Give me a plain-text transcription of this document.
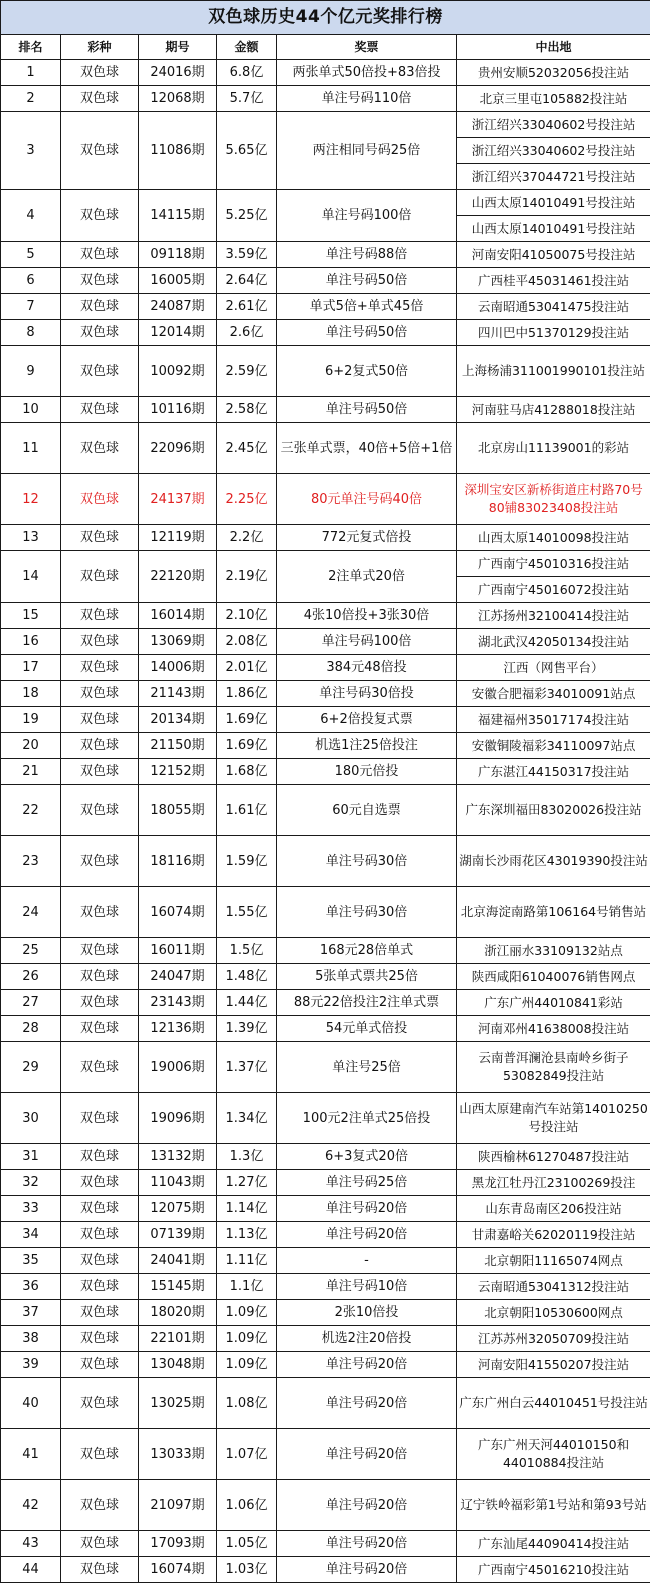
双色球历史44个亿元奖排行榜					
排名	彩种	期号	金额	奖票	中出地
1	双色球	24016期	6.8亿	两张单式50倍投+83倍投	贵州安顺52032056投注站
2	双色球	12068期	5.7亿	单注号码110倍	北京三里屯105882投注站
3	双色球	11086期	5.65亿	两注相同号码25倍	浙江绍兴33040602号投注站
					浙江绍兴33040602号投注站
					浙江绍兴37044721号投注站
4	双色球	14115期	5.25亿	单注号码100倍	山西太原14010491号投注站
					山西太原14010491号投注站
5	双色球	09118期	3.59亿	单注号码88倍	河南安阳41050075号投注站
6	双色球	16005期	2.64亿	单注号码50倍	广西桂平45031461投注站
7	双色球	24087期	2.61亿	单式5倍+单式45倍	云南昭通53041475投注站
8	双色球	12014期	2.6亿	单注号码50倍	四川巴中51370129投注站
9	双色球	10092期	2.59亿	6+2复式50倍	上海杨浦311001990101投注站
10	双色球	10116期	2.58亿	单注号码50倍	河南驻马店41288018投注站
11	双色球	22096期	2.45亿	三张单式票，40倍+5倍+1倍	北京房山11139001的彩站
12	双色球	24137期	2.25亿	80元单注号码40倍	深圳宝安区新桥街道庄村路70号80铺83023408投注站
13	双色球	12119期	2.2亿	772元复式倍投	山西太原14010098投注站
14	双色球	22120期	2.19亿	2注单式20倍	广西南宁45010316投注站
					广西南宁45016072投注站
15	双色球	16014期	2.10亿	4张10倍投+3张30倍	江苏扬州32100414投注站
16	双色球	13069期	2.08亿	单注号码100倍	湖北武汉42050134投注站
17	双色球	14006期	2.01亿	384元48倍投	江西（网售平台）
18	双色球	21143期	1.86亿	单注号码30倍投	安徽合肥福彩34010091站点
19	双色球	20134期	1.69亿	6+2倍投复式票	福建福州35017174投注站
20	双色球	21150期	1.69亿	机选1注25倍投注	安徽铜陵福彩34110097站点
21	双色球	12152期	1.68亿	180元倍投	广东湛江44150317投注站
22	双色球	18055期	1.61亿	60元自选票	广东深圳福田83020026投注站
23	双色球	18116期	1.59亿	单注号码30倍	湖南长沙雨花区43019390投注站
24	双色球	16074期	1.55亿	单注号码30倍	北京海淀南路第106164号销售站
25	双色球	16011期	1.5亿	168元28倍单式	浙江丽水33109132站点
26	双色球	24047期	1.48亿	5张单式票共25倍	陕西咸阳61040076销售网点
27	双色球	23143期	1.44亿	88元22倍投注2注单式票	广东广州44010841彩站
28	双色球	12136期	1.39亿	54元单式倍投	河南邓州41638008投注站
29	双色球	19006期	1.37亿	单注号25倍	云南普洱澜沧县南岭乡街子53082849投注站
30	双色球	19096期	1.34亿	100元2注单式25倍投	山西太原建南汽车站第14010250号投注站
31	双色球	13132期	1.3亿	6+3复式20倍	陕西榆林61270487投注站
32	双色球	11043期	1.27亿	单注号码25倍	黑龙江牡丹江23100269投注
33	双色球	12075期	1.14亿	单注号码20倍	山东青岛南区206投注站
34	双色球	07139期	1.13亿	单注号码20倍	甘肃嘉峪关62020119投注站
35	双色球	24041期	1.11亿	-	北京朝阳11165074网点
36	双色球	15145期	1.1亿	单注号码10倍	云南昭通53041312投注站
37	双色球	18020期	1.09亿	2张10倍投	北京朝阳10530600网点
38	双色球	22101期	1.09亿	机选2注20倍投	江苏苏州32050709投注站
39	双色球	13048期	1.09亿	单注号码20倍	河南安阳41550207投注站
40	双色球	13025期	1.08亿	单注号码20倍	广东广州白云44010451号投注站
41	双色球	13033期	1.07亿	单注号码20倍	广东广州天河44010150和44010884投注站
42	双色球	21097期	1.06亿	单注号码20倍	辽宁铁岭福彩第1号站和第93号站
43	双色球	17093期	1.05亿	单注号码20倍	广东汕尾44090414投注站
44	双色球	16074期	1.03亿	单注号码20倍	广西南宁45016210投注站
